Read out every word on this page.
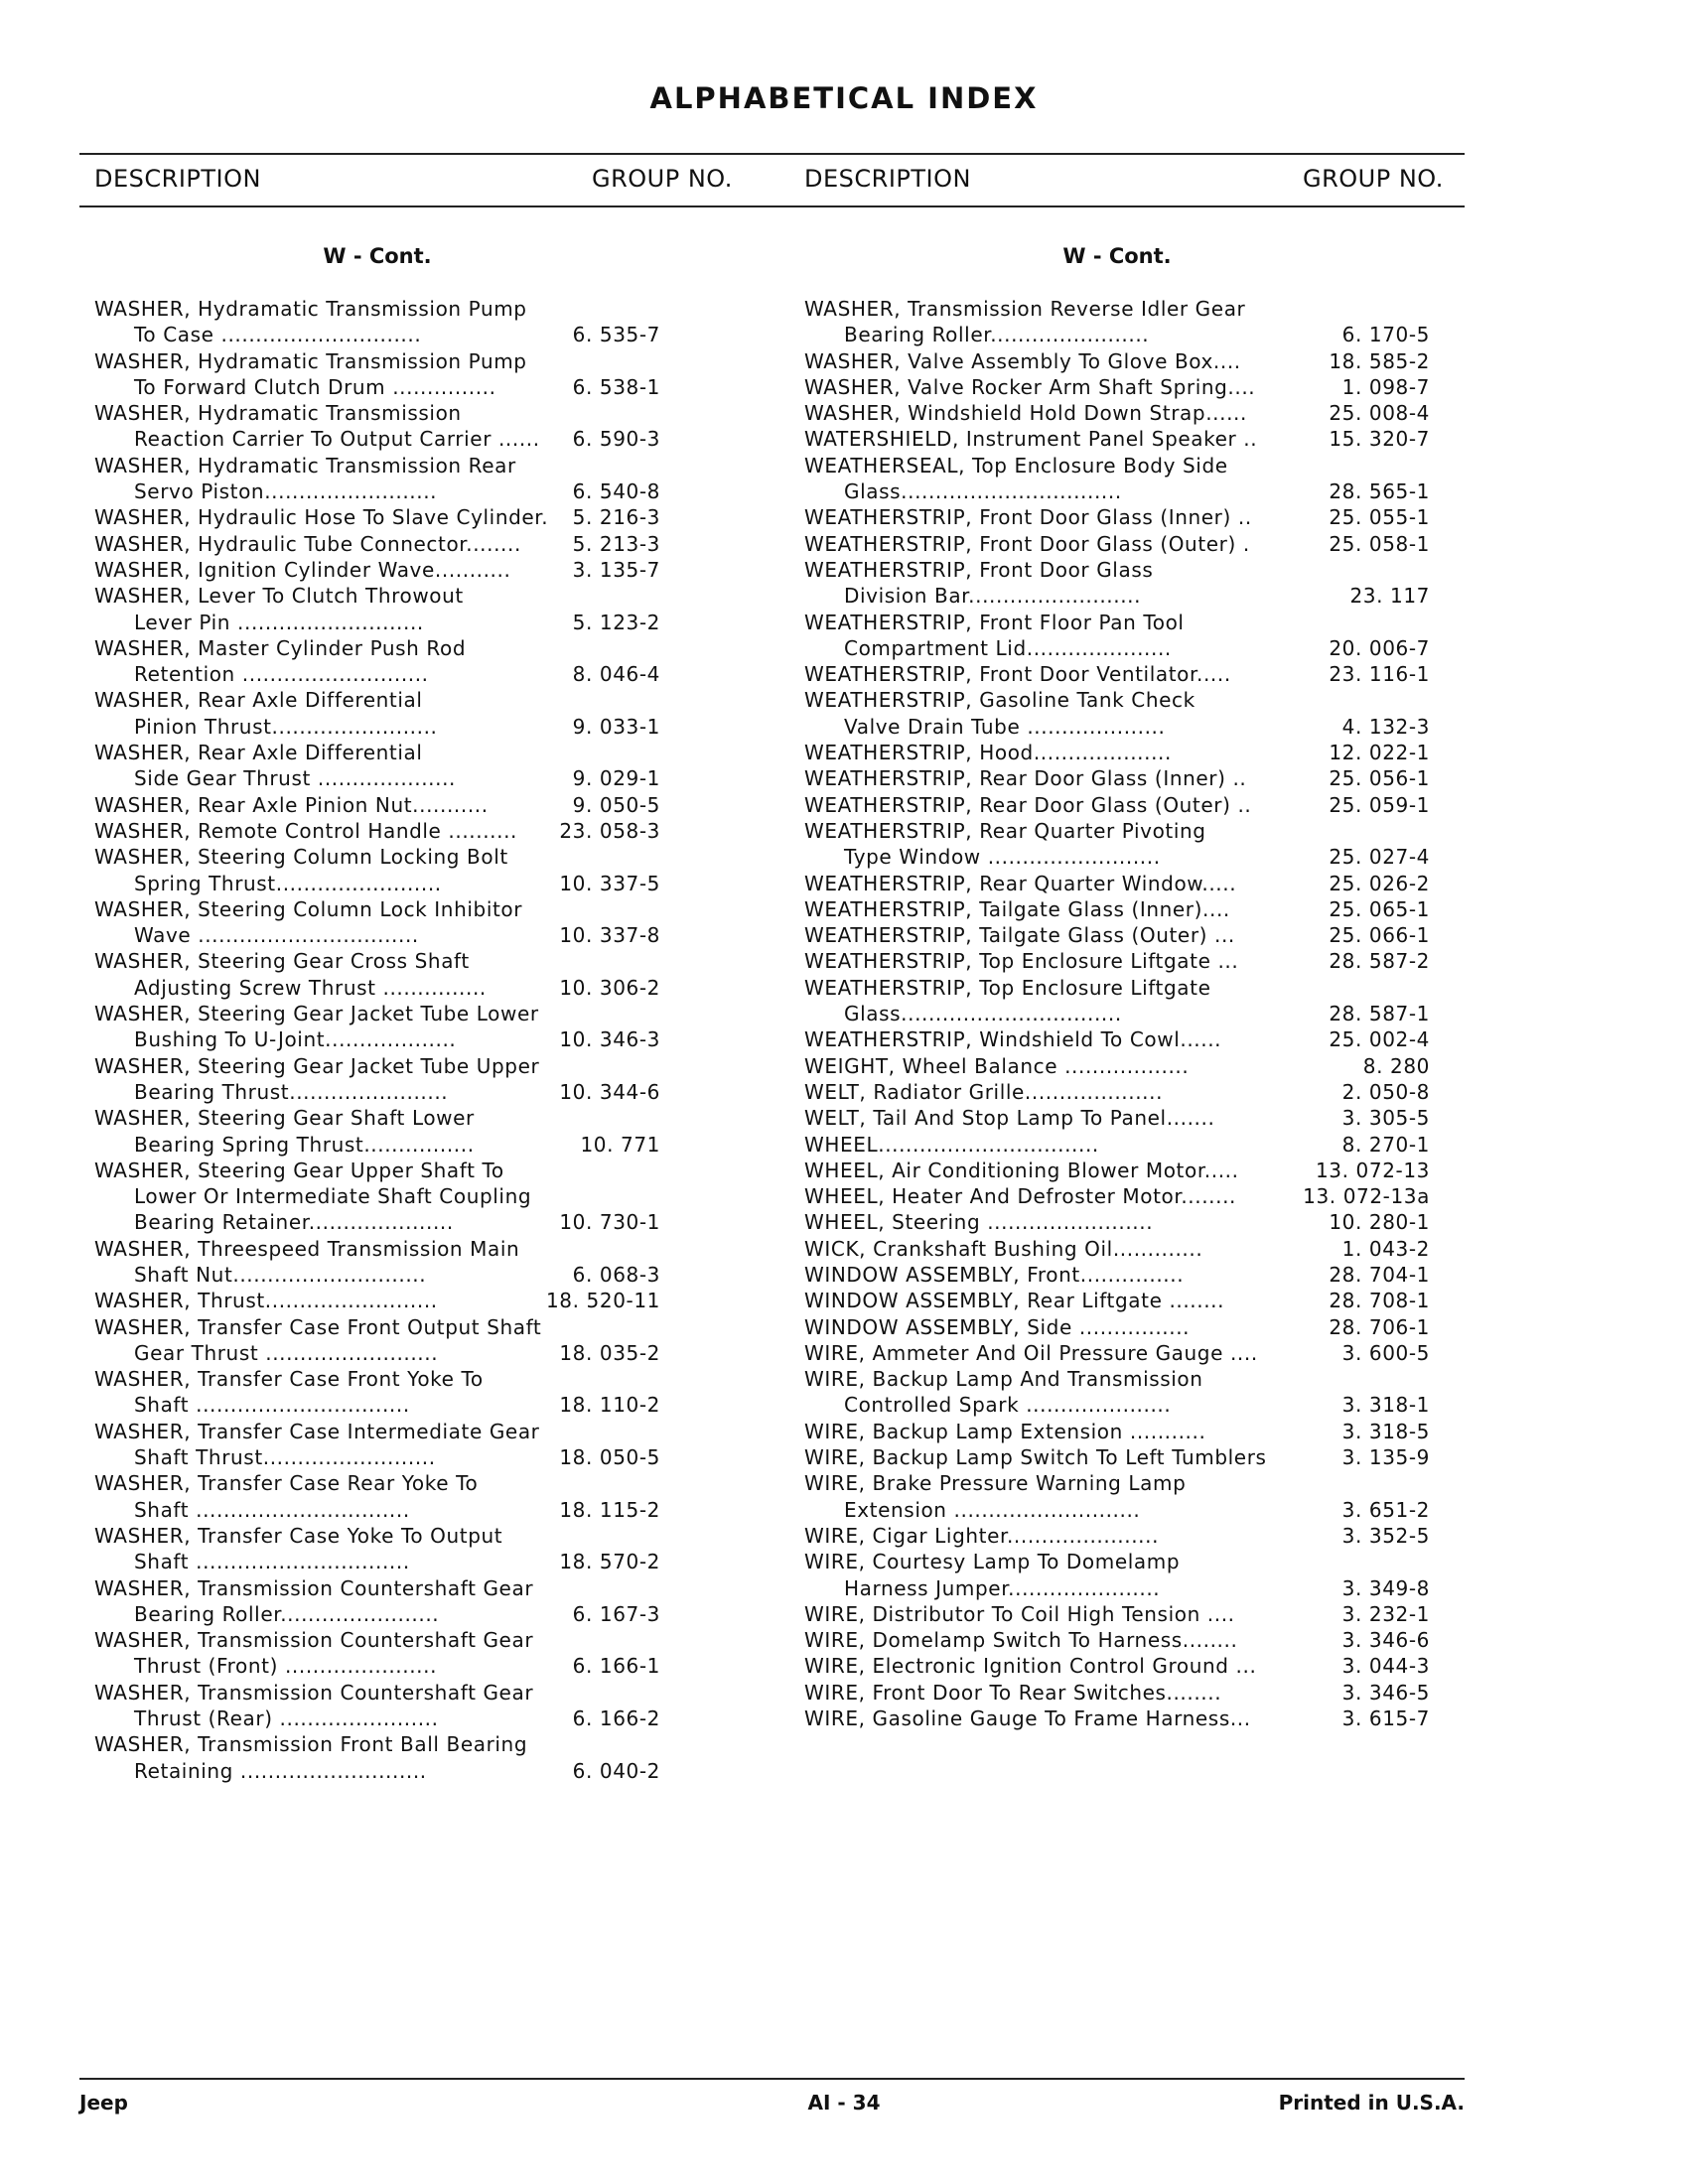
ALPHABETICAL INDEX
DESCRIPTION	GROUP NO.	DESCRIPTION	GROUP NO.
W - Cont.
WASHER, Hydramatic Transmission Pump
To Case .............................	6. 535-7
WASHER, Hydramatic Transmission Pump
To Forward Clutch Drum ...............	6. 538-1
WASHER, Hydramatic Transmission
Reaction Carrier To Output Carrier ...... 6. 590-3
WASHER, Hydramatic Transmission Rear
Servo Piston.........................	6. 540-8
WASHER, Hydraulic Hose To Slave Cylinder. 5. 216-3
WASHER, Hydraulic Tube Connector........	5. 213-3
WASHER, Ignition Cylinder Wave...........	3. 135-7
WASHER, Lever To Clutch Throwout
Lever Pin ...........................	5. 123-2
WASHER, Master Cylinder Push Rod
Retention ...........................	8. 046-4
WASHER, Rear Axle Differential
Pinion Thrust........................	9. 033-1
WASHER, Rear Axle Differential
Side Gear Thrust ....................	9. 029-1
WASHER, Rear Axle Pinion Nut...........	9. 050-5
WASHER, Remote Control Handle .......... 23. 058-3
WASHER, Steering Column Locking Bolt
Spring Thrust........................	10. 337-5
WASHER, Steering Column Lock Inhibitor
Wave ................................	10. 337-8
WASHER, Steering Gear Cross Shaft
Adjusting Screw Thrust ...............	10. 306-2
WASHER, Steering Gear Jacket Tube Lower
Bushing To U-Joint...................	10. 346-3
WASHER, Steering Gear Jacket Tube Upper
Bearing Thrust.......................	10. 344-6
WASHER, Steering Gear Shaft Lower
Bearing Spring Thrust................	10. 771
WASHER, Steering Gear Upper Shaft To
Lower Or Intermediate Shaft Coupling
Bearing Retainer.....................	10. 730-1
WASHER, Threespeed Transmission Main
Shaft Nut............................	6. 068-3
WASHER, Thrust.........................	18. 520-11
WASHER, Transfer Case Front Output Shaft
Gear Thrust .........................	18. 035-2
WASHER, Transfer Case Front Yoke To
Shaft ...............................	18. 110-2
WASHER, Transfer Case Intermediate Gear
Shaft Thrust.........................	18. 050-5
WASHER, Transfer Case Rear Yoke To
Shaft ...............................	18. 115-2
WASHER, Transfer Case Yoke To Output
Shaft ...............................	18. 570-2
WASHER, Transmission Countershaft Gear
Bearing Roller.......................	6. 167-3
WASHER, Transmission Countershaft Gear
Thrust (Front) ......................	6. 166-1
WASHER, Transmission Countershaft Gear
Thrust (Rear) .......................	6. 166-2
WASHER, Transmission Front Ball Bearing
Retaining ...........................	6. 040-2
W - Cont.
WASHER, Transmission Reverse Idler Gear
Bearing Roller.......................	6. 170-5
WASHER, Valve Assembly To Glove Box....	18. 585-2
WASHER, Valve Rocker Arm Shaft Spring....	1. 098-7
WASHER, Windshield Hold Down Strap......	25. 008-4
WATERSHIELD, Instrument Panel Speaker ..	15. 320-7
WEATHERSEAL, Top Enclosure Body Side
Glass................................	28. 565-1
WEATHERSTRIP, Front Door Glass (Inner) ..	25. 055-1
WEATHERSTRIP, Front Door Glass (Outer) .	25. 058-1
WEATHERSTRIP, Front Door Glass
Division Bar.........................	23. 117
WEATHERSTRIP, Front Floor Pan Tool
Compartment Lid.....................	20. 006-7
WEATHERSTRIP, Front Door Ventilator.....	23. 116-1
WEATHERSTRIP, Gasoline Tank Check
Valve Drain Tube ....................	4. 132-3
WEATHERSTRIP, Hood....................	12. 022-1
WEATHERSTRIP, Rear Door Glass (Inner) ..	25. 056-1
WEATHERSTRIP, Rear Door Glass (Outer) ..	25. 059-1
WEATHERSTRIP, Rear Quarter Pivoting
Type Window .........................	25. 027-4
WEATHERSTRIP, Rear Quarter Window.....	25. 026-2
WEATHERSTRIP, Tailgate Glass (Inner)....	25. 065-1
WEATHERSTRIP, Tailgate Glass (Outer) ...	25. 066-1
WEATHERSTRIP, Top Enclosure Liftgate ...	28. 587-2
WEATHERSTRIP, Top Enclosure Liftgate
Glass................................	28. 587-1
WEATHERSTRIP, Windshield To Cowl......	25. 002-4
WEIGHT, Wheel Balance ..................	8. 280
WELT, Radiator Grille....................	2. 050-8
WELT, Tail And Stop Lamp To Panel.......	3. 305-5
WHEEL................................	8. 270-1
WHEEL, Air Conditioning Blower Motor.....	13. 072-13
WHEEL, Heater And Defroster Motor........	13. 072-13a
WHEEL, Steering ........................	10. 280-1
WICK, Crankshaft Bushing Oil.............	1. 043-2
WINDOW ASSEMBLY, Front...............	28. 704-1
WINDOW ASSEMBLY, Rear Liftgate ........	28. 708-1
WINDOW ASSEMBLY, Side ................	28. 706-1
WIRE, Ammeter And Oil Pressure Gauge ....	3. 600-5
WIRE, Backup Lamp And Transmission
Controlled Spark .....................	3. 318-1
WIRE, Backup Lamp Extension ...........	3. 318-5
WIRE, Backup Lamp Switch To Left Tumblers	3. 135-9
WIRE, Brake Pressure Warning Lamp
Extension ...........................	3. 651-2
WIRE, Cigar Lighter......................	3. 352-5
WIRE, Courtesy Lamp To Domelamp
Harness Jumper......................	3. 349-8
WIRE, Distributor To Coil High Tension ....	3. 232-1
WIRE, Domelamp Switch To Harness........	3. 346-6
WIRE, Electronic Ignition Control Ground ...	3. 044-3
WIRE, Front Door To Rear Switches........	3. 346-5
WIRE, Gasoline Gauge To Frame Harness...	3. 615-7
Jeep	AI - 34	Printed in U.S.A.
